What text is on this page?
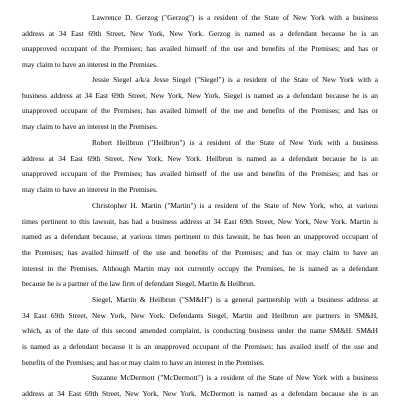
Lawrence D. Gerzog ("Gerzog") is a resident of the State of New York with a business
address at 34 East 69th Street, New York, New York. Gerzog is named as a defendant because he is an
unapproved occupant of the Premises; has availed himself of the use and benefits of the Premises; and has or
may claim to have an interest in the Premises.
Jessie Siegel a/k/a Jesse Siegel ("Siegel") is a resident of the State of New York with a
business address at 34 East 69th Street, New York, New York. Siegel is named as a defendant because he is an
unapproved occupant of the Premises; has availed himself of the use and benefits of the Premises; and has or
may claim to have an interest in the Premises.
Robert Heilbrun ("Heilbrun") is a resident of the State of New York with a business
address at 34 East 69th Street, New York, New York. Heilbrun is named as a defendant because he is an
unapproved occupant of the Premises; has availed himself of the use and benefits of the Premises; and has or
may claim to have an interest in the Premises.
Christopher H. Martin ("Martin") is a resident of the State of New York, who, at various
times pertinent to this lawsuit, has had a business address at 34 East 69th Street, New York, New York. Martin is
named as a defendant because, at various times pertinent to this lawsuit, he has been an unapproved occupant of
the Premises; has availed himself of the use and benefits of the Premises; and has or may claim to have an
interest in the Premises. Although Martin may not currently occupy the Premises, he is named as a defendant
because he is a partner of the law firm of defendant Siegel, Martin & Heilbrun.
Siegel, Martin & Heilbrun ("SM&H") is a general partnership with a business address at
34 East 69th Street, New York, New York. Defendants Siegel, Martin and Heilbrun are partners in SM&H,
which, as of the date of this second amended complaint, is conducting business under the name SM&H. SM&H
is named as a defendant because it is an unapproved occupant of the Premises; has availed itself of the use and
benefits of the Premises; and has or may claim to have an interest in the Premises.
Suzanne McDermott ("McDermott") is a resident of the State of New York with a business
address at 34 East 69th Street, New York, New York. McDermott is named as a defendant because she is an
